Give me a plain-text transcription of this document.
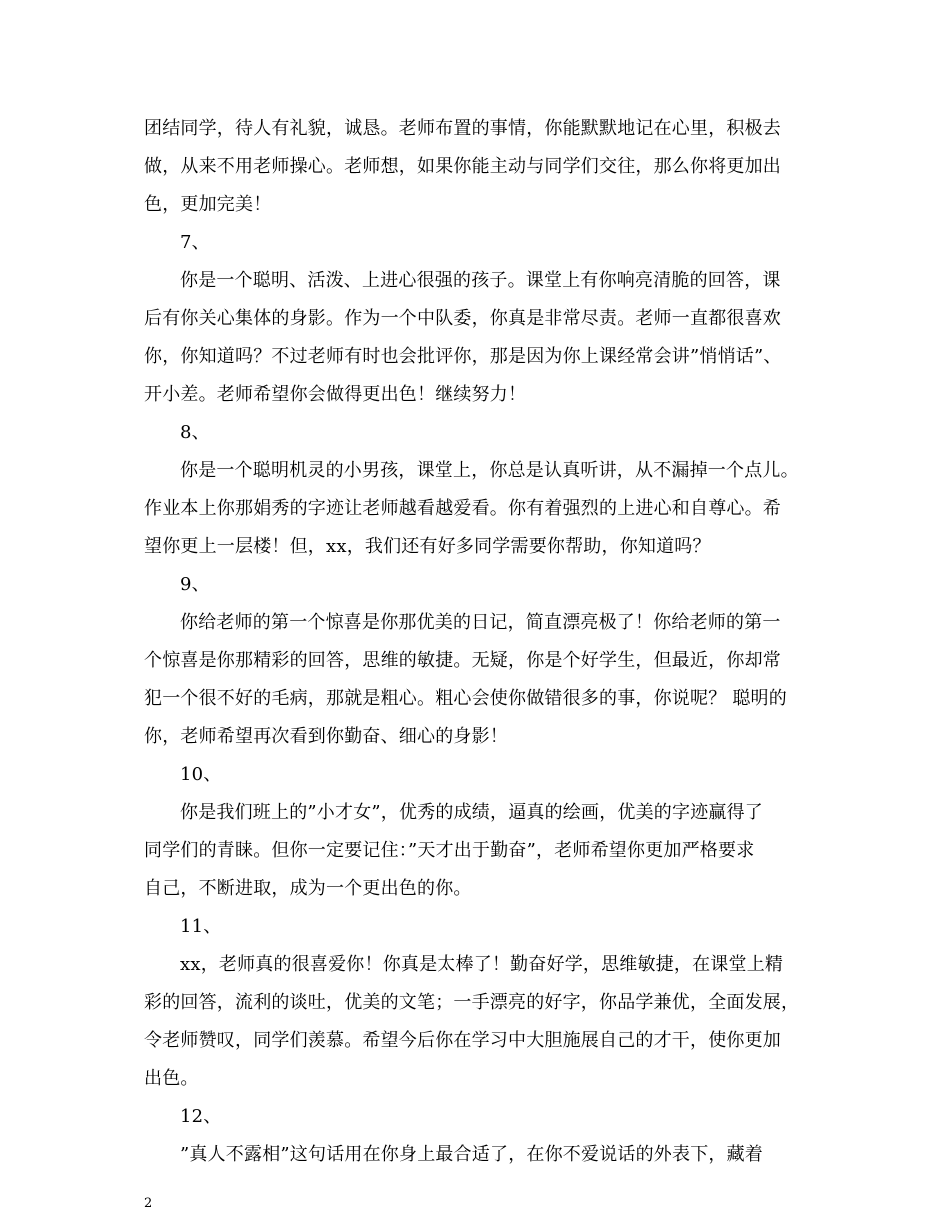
团结同学，待人有礼貌，诚恳。老师布置的事情，你能默默地记在心里，积极去
做，从来不用老师操心。老师想，如果你能主动与同学们交往，那么你将更加出
色，更加完美！
7、
你是一个聪明、活泼、上进心很强的孩子。课堂上有你响亮清脆的回答，课
后有你关心集体的身影。作为一个中队委，你真是非常尽责。老师一直都很喜欢
你，你知道吗？不过老师有时也会批评你，那是因为你上课经常会讲”悄悄话”、
开小差。老师希望你会做得更出色！继续努力！
8、
你是一个聪明机灵的小男孩，课堂上，你总是认真听讲，从不漏掉一个点儿。
作业本上你那娟秀的字迹让老师越看越爱看。你有着强烈的上进心和自尊心。希
望你更上一层楼！但，xx，我们还有好多同学需要你帮助，你知道吗？
9、
你给老师的第一个惊喜是你那优美的日记，简直漂亮极了！你给老师的第一
个惊喜是你那精彩的回答，思维的敏捷。无疑，你是个好学生，但最近，你却常
犯一个很不好的毛病，那就是粗心。粗心会使你做错很多的事，你说呢？ 聪明的
你，老师希望再次看到你勤奋、细心的身影！
10、
你是我们班上的”小才女”，优秀的成绩，逼真的绘画，优美的字迹赢得了
同学们的青睐。但你一定要记住：”天才出于勤奋”，老师希望你更加严格要求
自己，不断进取，成为一个更出色的你。
11、
xx，老师真的很喜爱你！你真是太棒了！勤奋好学，思维敏捷，在课堂上精
彩的回答，流利的谈吐，优美的文笔；一手漂亮的好字，你品学兼优，全面发展，
令老师赞叹，同学们羡慕。希望今后你在学习中大胆施展自己的才干，使你更加
出色。
12、
”真人不露相”这句话用在你身上最合适了，在你不爱说话的外表下，藏着
2
